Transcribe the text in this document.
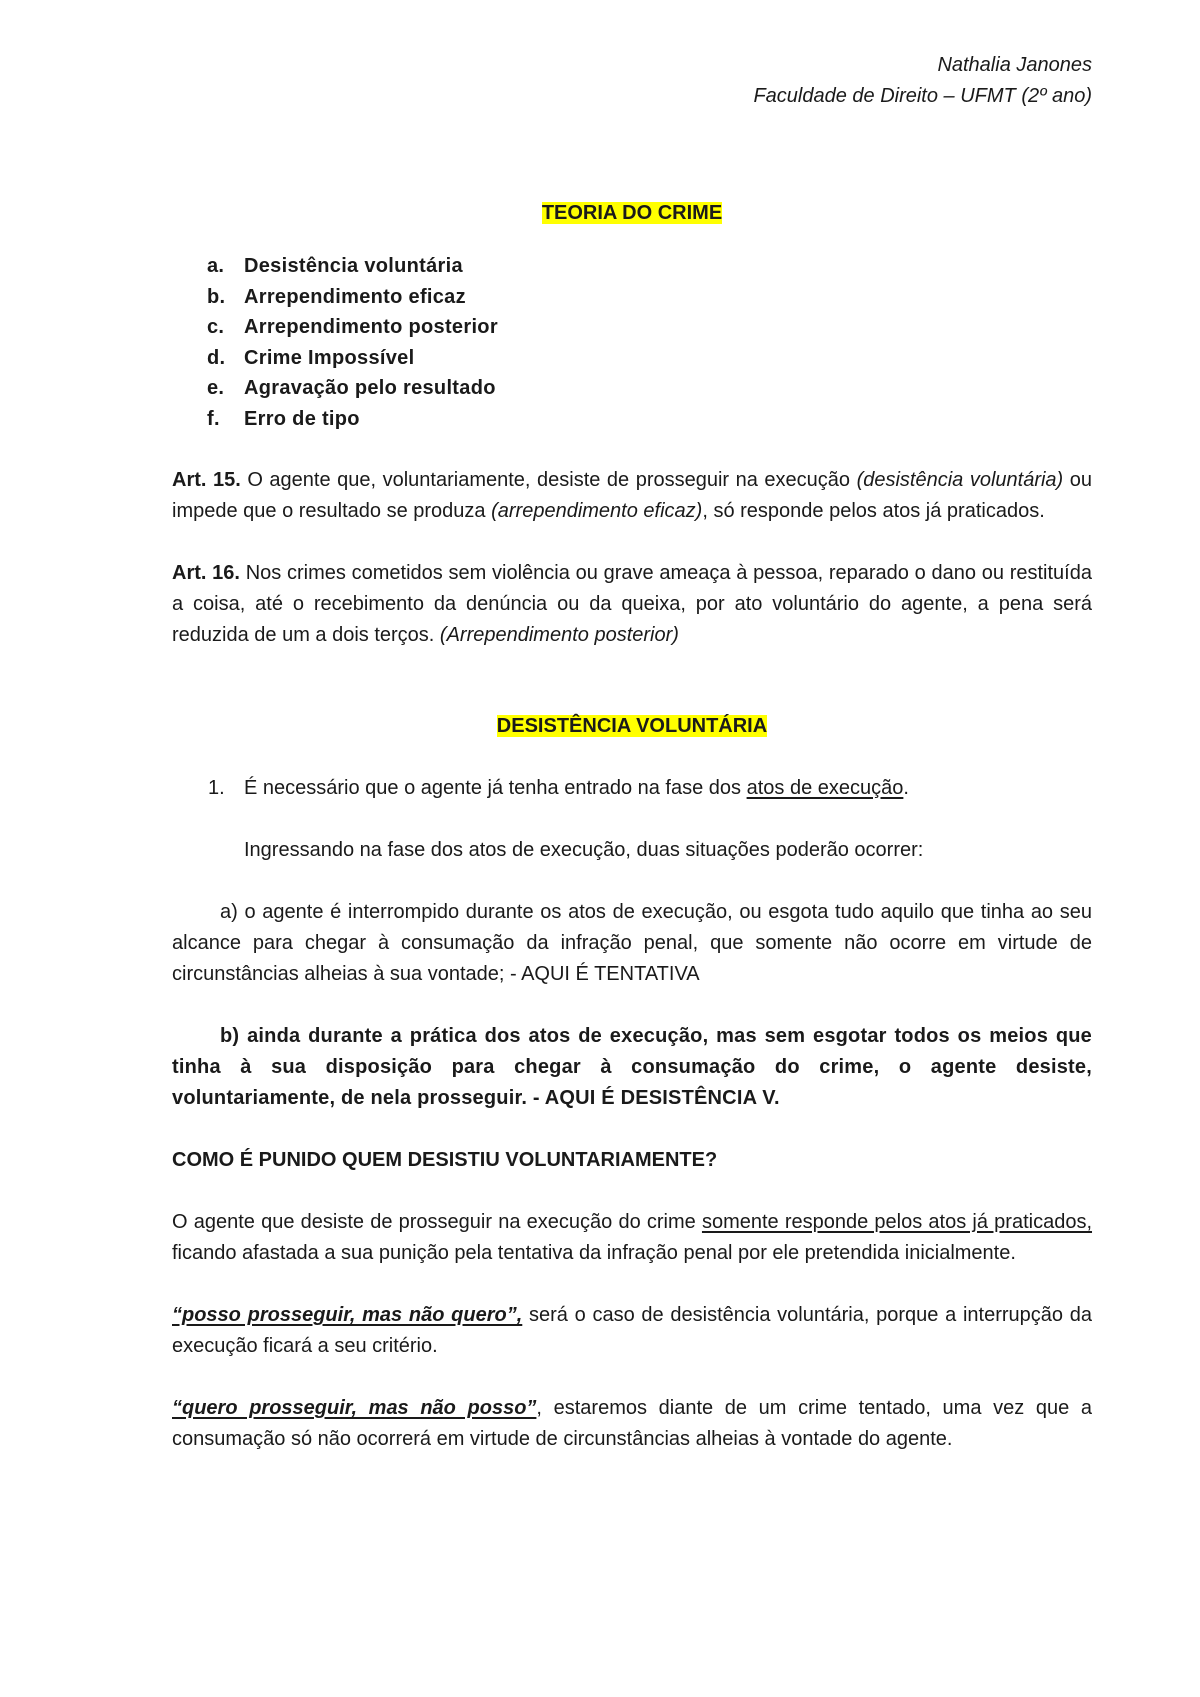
Nathalia Janones
Faculdade de Direito – UFMT (2º ano)
TEORIA DO CRIME
a. Desistência voluntária
b. Arrependimento eficaz
c. Arrependimento posterior
d. Crime Impossível
e. Agravação pelo resultado
f. Erro de tipo

Art. 15. O agente que, voluntariamente, desiste de prosseguir na execução (desistência voluntária) ou impede que o resultado se produza (arrependimento eficaz), só responde pelos atos já praticados.

Art. 16. Nos crimes cometidos sem violência ou grave ameaça à pessoa, reparado o dano ou restituída a coisa, até o recebimento da denúncia ou da queixa, por ato voluntário do agente, a pena será reduzida de um a dois terços. (Arrependimento posterior)

DESISTÊNCIA VOLUNTÁRIA

1. É necessário que o agente já tenha entrado na fase dos atos de execução.

Ingressando na fase dos atos de execução, duas situações poderão ocorrer:

a) o agente é interrompido durante os atos de execução, ou esgota tudo aquilo que tinha ao seu alcance para chegar à consumação da infração penal, que somente não ocorre em virtude de circunstâncias alheias à sua vontade; - AQUI É TENTATIVA

b) ainda durante a prática dos atos de execução, mas sem esgotar todos os meios que tinha à sua disposição para chegar à consumação do crime, o agente desiste, voluntariamente, de nela prosseguir. - AQUI É DESISTÊNCIA V.

COMO É PUNIDO QUEM DESISTIU VOLUNTARIAMENTE?

O agente que desiste de prosseguir na execução do crime somente responde pelos atos já praticados, ficando afastada a sua punição pela tentativa da infração penal por ele pretendida inicialmente.

“posso prosseguir, mas não quero”, será o caso de desistência voluntária, porque a interrupção da execução ficará a seu critério.

“quero prosseguir, mas não posso”, estaremos diante de um crime tentado, uma vez que a consumação só não ocorrerá em virtude de circunstâncias alheias à vontade do agente.
